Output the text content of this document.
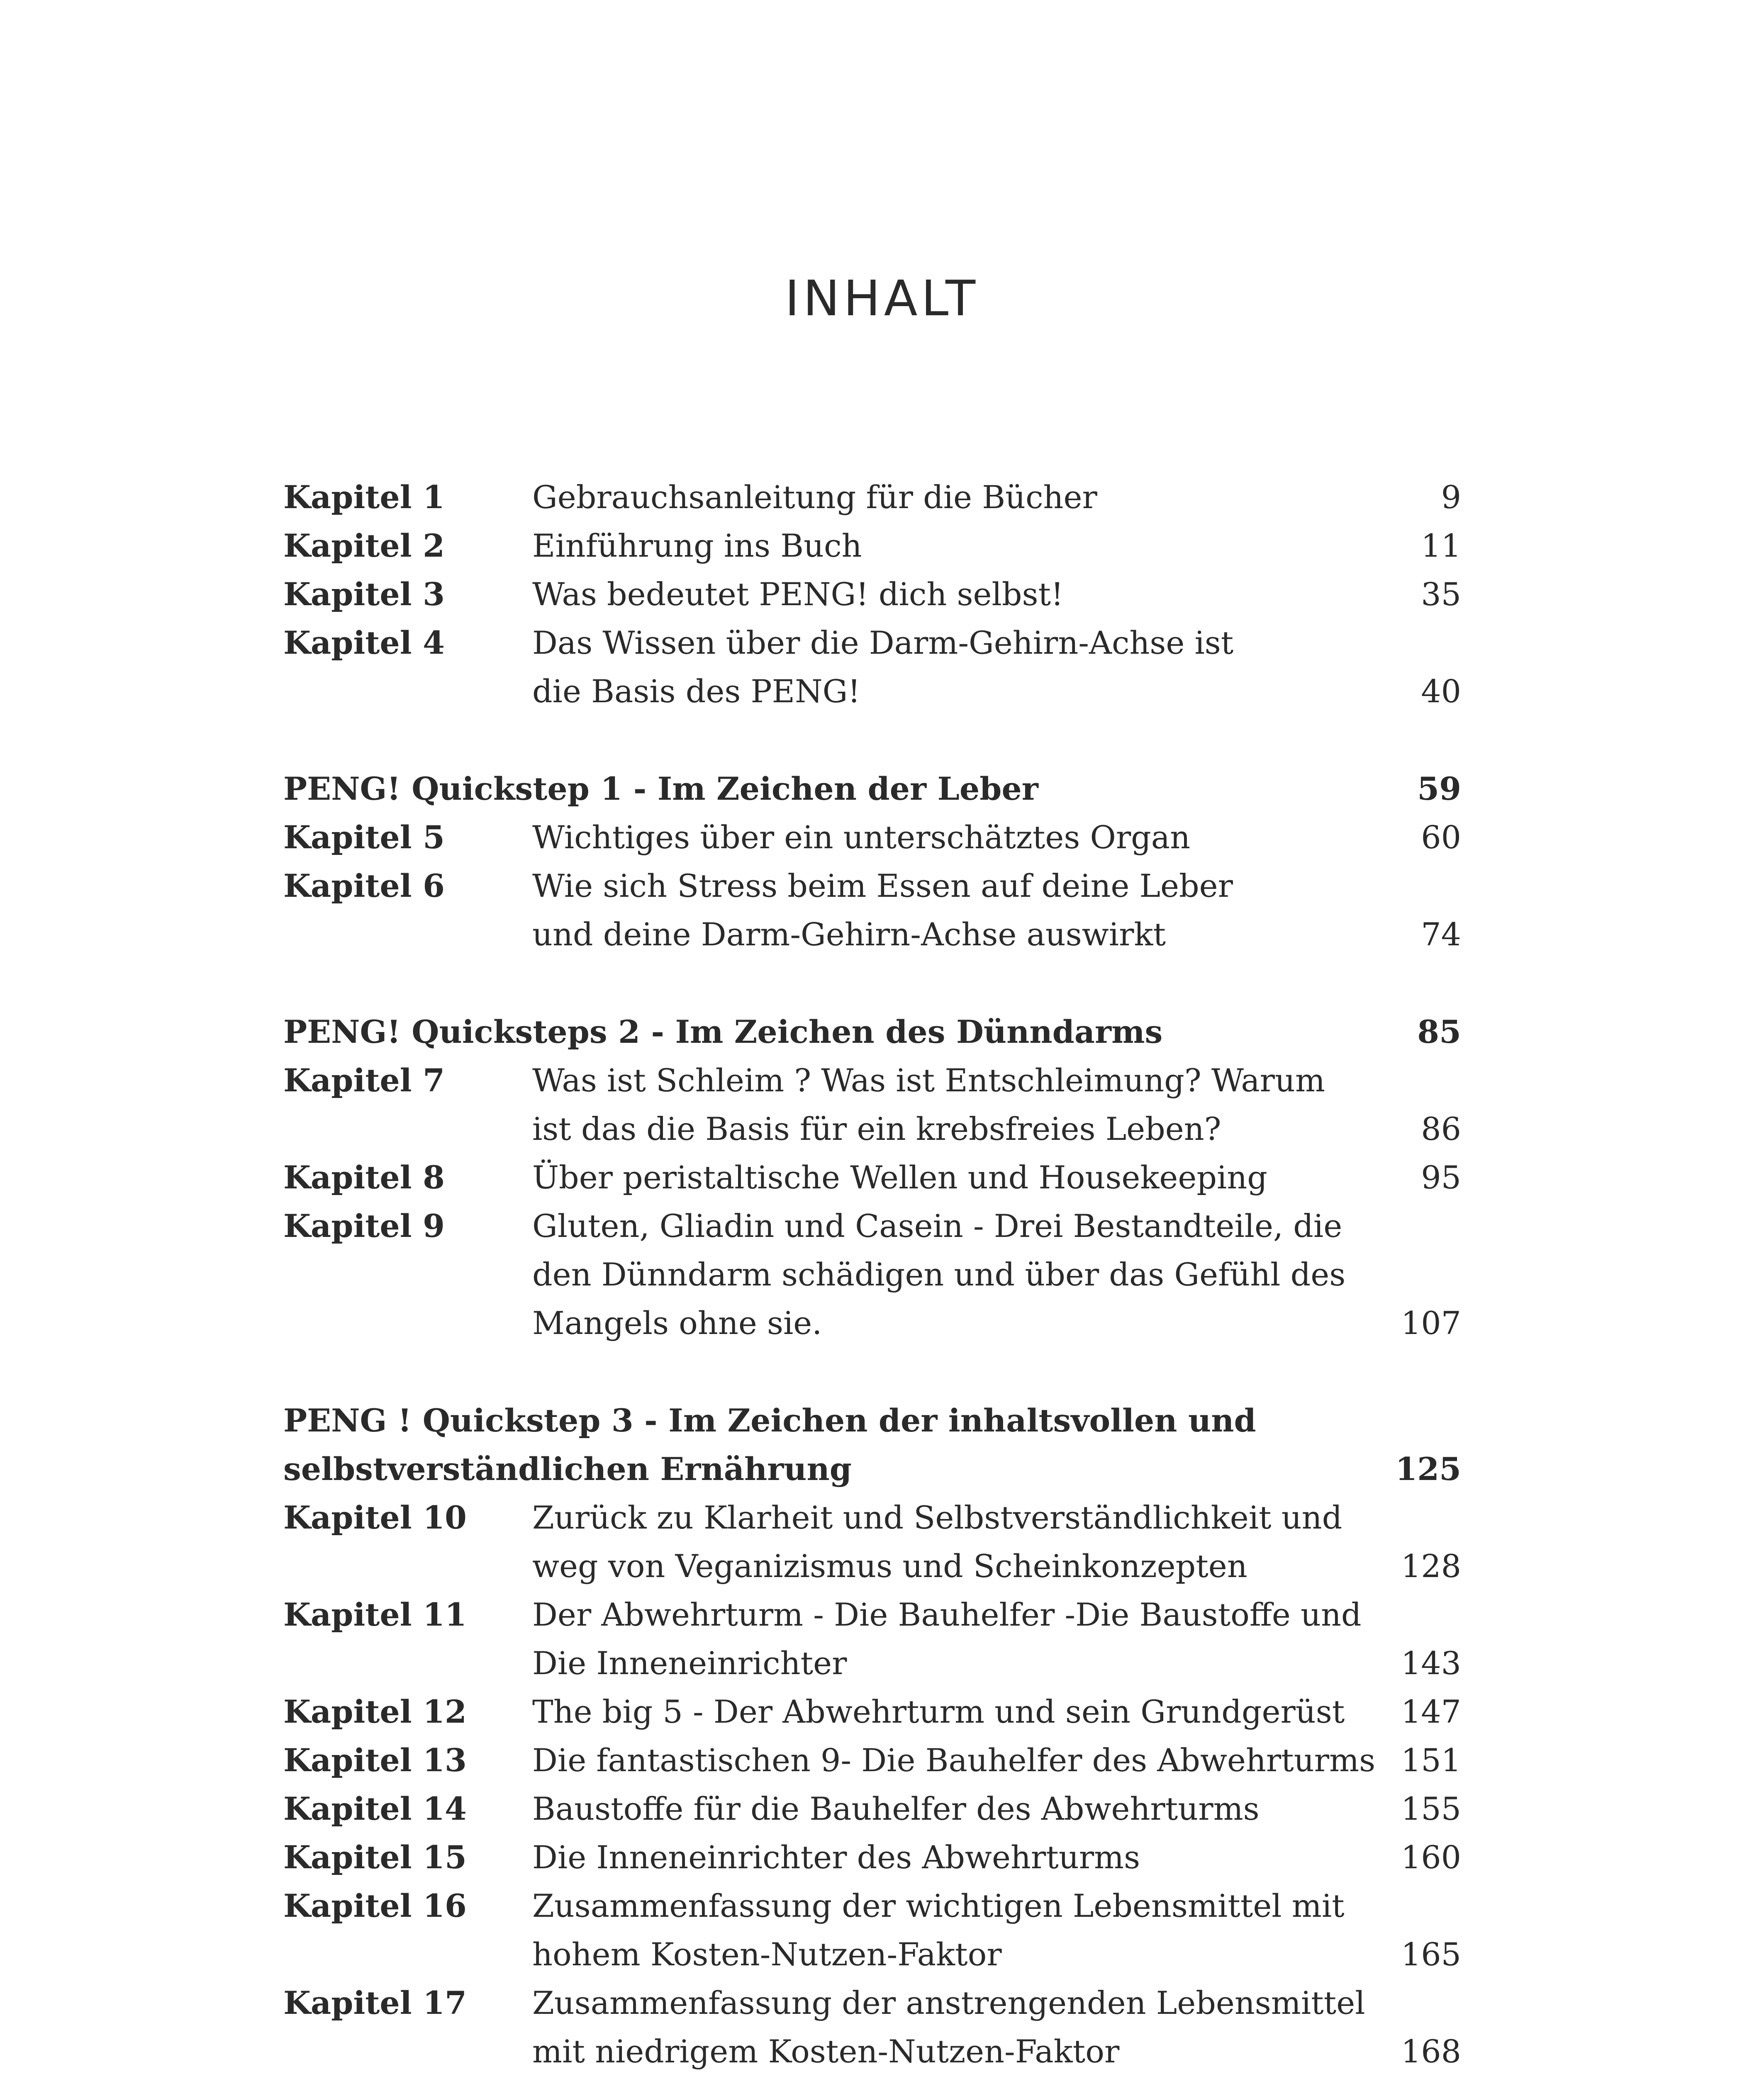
INHALT
Kapitel 1	Gebrauchsanleitung für die Bücher	9
Kapitel 2	Einführung ins Buch	11
Kapitel 3	Was bedeutet PENG! dich selbst!	35
Kapitel 4	Das Wissen über die Darm-Gehirn-Achse ist
die Basis des PENG!	40
PENG! Quickstep 1 - Im Zeichen der Leber	59
Kapitel 5	Wichtiges über ein unterschätztes Organ	60
Kapitel 6	Wie sich Stress beim Essen auf deine Leber
und deine Darm-Gehirn-Achse auswirkt	74
PENG! Quicksteps 2 - Im Zeichen des Dünndarms	85
Kapitel 7	Was ist Schleim ? Was ist Entschleimung? Warum
ist das die Basis für ein krebsfreies Leben?	86
Kapitel 8	Über peristaltische Wellen und Housekeeping	95
Kapitel 9	Gluten, Gliadin und Casein - Drei Bestandteile, die
den Dünndarm schädigen und über das Gefühl des
Mangels ohne sie.	107
PENG ! Quickstep 3 - Im Zeichen der inhaltsvollen und
selbstverständlichen Ernährung	125
Kapitel 10 Zurück zu Klarheit und Selbstverständlichkeit und
weg von Veganizismus und Scheinkonzepten	128
Kapitel 11 Der Abwehrturm - Die Bauhelfer -Die Baustoffe und
Die Inneneinrichter	143
Kapitel 12 The big 5 - Der Abwehrturm und sein Grundgerüst	147
Kapitel 13 Die fantastischen 9- Die Bauhelfer des Abwehrturms 151
Kapitel 14 Baustoffe für die Bauhelfer des Abwehrturms	155
Kapitel 15 Die Inneneinrichter des Abwehrturms	160
Kapitel 16 Zusammenfassung der wichtigen Lebensmittel mit
hohem Kosten-Nutzen-Faktor	165
Kapitel 17 Zusammenfassung der anstrengenden Lebensmittel
mit niedrigem Kosten-Nutzen-Faktor	168
